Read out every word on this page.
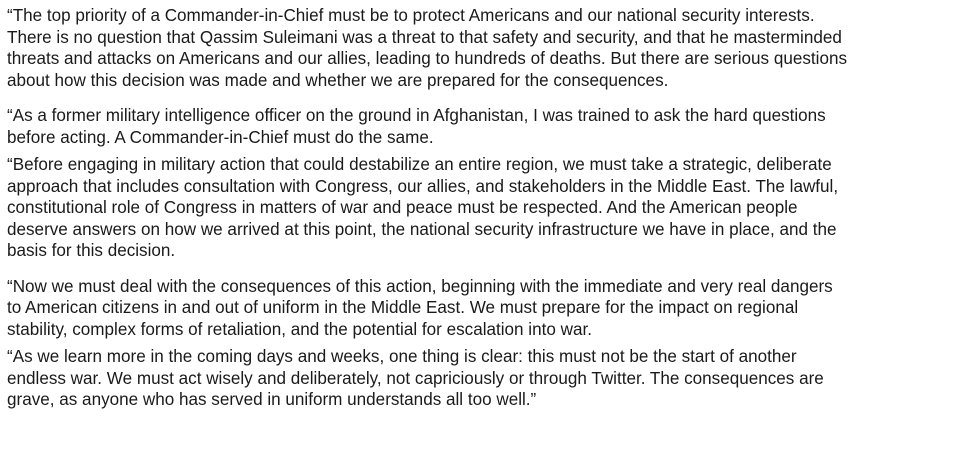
“The top priority of a Commander-in-Chief must be to protect Americans and our national security interests.
There is no question that Qassim Suleimani was a threat to that safety and security, and that he masterminded
threats and attacks on Americans and our allies, leading to hundreds of deaths. But there are serious questions
about how this decision was made and whether we are prepared for the consequences.

“As a former military intelligence officer on the ground in Afghanistan, I was trained to ask the hard questions
before acting. A Commander-in-Chief must do the same.

“Before engaging in military action that could destabilize an entire region, we must take a strategic, deliberate
approach that includes consultation with Congress, our allies, and stakeholders in the Middle East. The lawful,
constitutional role of Congress in matters of war and peace must be respected. And the American people
deserve answers on how we arrived at this point, the national security infrastructure we have in place, and the
basis for this decision.

“Now we must deal with the consequences of this action, beginning with the immediate and very real dangers
to American citizens in and out of uniform in the Middle East. We must prepare for the impact on regional
stability, complex forms of retaliation, and the potential for escalation into war.

“As we learn more in the coming days and weeks, one thing is clear: this must not be the start of another
endless war. We must act wisely and deliberately, not capriciously or through Twitter. The consequences are
grave, as anyone who has served in uniform understands all too well.”
